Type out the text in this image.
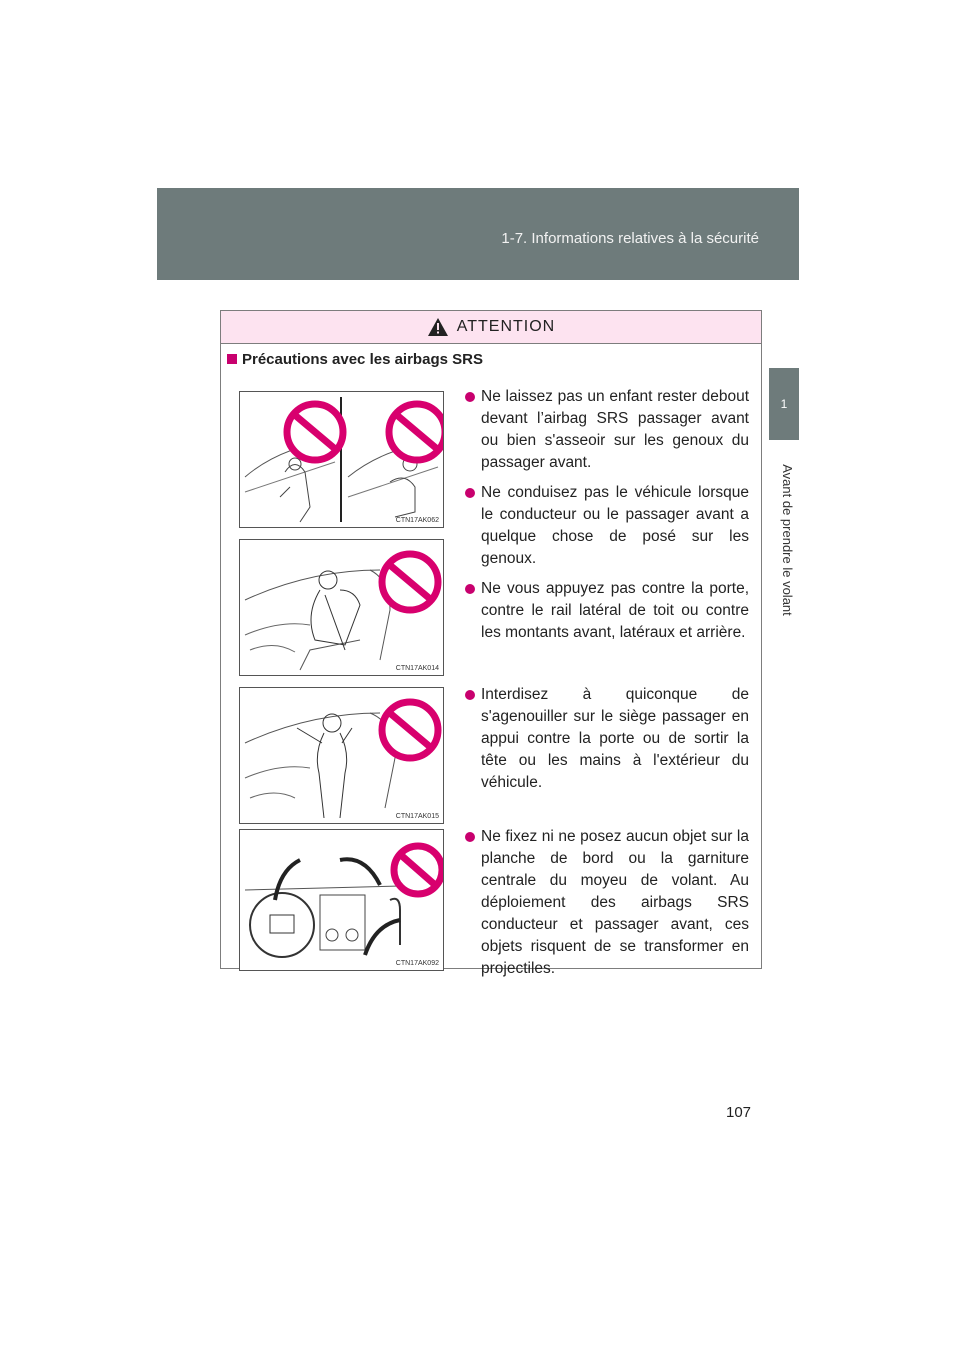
1-7. Informations relatives à la sécurité
1
Avant de prendre le volant
ATTENTION
Précautions avec les airbags SRS
CTN17AK062
CTN17AK014
CTN17AK015
CTN17AK092
Ne laissez pas un enfant rester debout devant l’airbag SRS passager avant ou bien s'asseoir sur les genoux du passager avant.
Ne conduisez pas le véhicule lorsque le conducteur ou le passager avant a quelque chose de posé sur les genoux.
Ne vous appuyez pas contre la porte, contre le rail latéral de toit ou contre les montants avant, latéraux et arrière.
Interdisez à quiconque de s'agenouiller sur le siège passager en appui contre la porte ou de sortir la tête ou les mains à l'extérieur du véhicule.
Ne fixez ni ne posez aucun objet sur la planche de bord ou la garniture centrale du moyeu de volant. Au déploiement des airbags SRS conducteur et passager avant, ces objets risquent de se transformer en projectiles.
107
